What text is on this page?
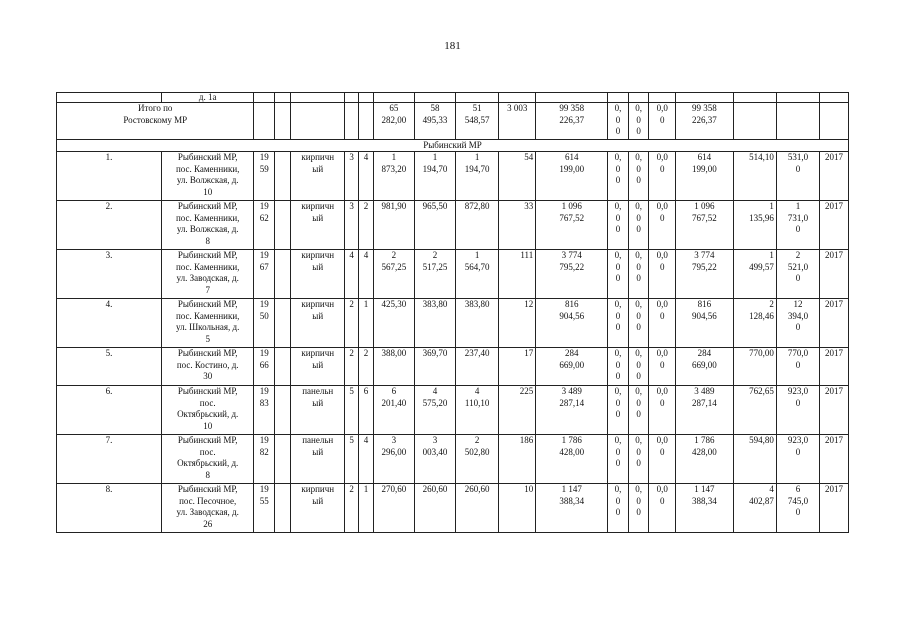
181
	д. 1а																	
Итого по
Ростовскому МР							65
282,00	58
495,33	51
548,57	3 003	99 358
226,37	0,
0
0	0,
0
0	0,0
0	99 358
226,37			
Рыбинский МР																		
1.	Рыбинский МР,
пос. Каменники,
ул. Волжская, д.
10	19
59		кирпичн
ый	3	4	1
873,20	1
194,70	1
194,70	54	614
199,00	0,
0
0	0,
0
0	0,0
0	614
199,00	514,10	531,0
0	2017
2.	Рыбинский МР,
пос. Каменники,
ул. Волжская, д.
8	19
62		кирпичн
ый	3	2	981,90	965,50	872,80	33	1 096
767,52	0,
0
0	0,
0
0	0,0
0	1 096
767,52	1
135,96	1
731,0
0	2017
3.	Рыбинский МР,
пос. Каменники,
ул. Заводская, д.
7	19
67		кирпичн
ый	4	4	2
567,25	2
517,25	1
564,70	111	3 774
795,22	0,
0
0	0,
0
0	0,0
0	3 774
795,22	1
499,57	2
521,0
0	2017
4.	Рыбинский МР,
пос. Каменники,
ул. Школьная, д.
5	19
50		кирпичн
ый	2	1	425,30	383,80	383,80	12	816
904,56	0,
0
0	0,
0
0	0,0
0	816
904,56	2
128,46	12
394,0
0	2017
5.	Рыбинский МР,
пос. Костино, д.
30	19
66		кирпичн
ый	2	2	388,00	369,70	237,40	17	284
669,00	0,
0
0	0,
0
0	0,0
0	284
669,00	770,00	770,0
0	2017
6.	Рыбинский МР,
пос.
Октябрьский, д.
10	19
83		панельн
ый	5	6	6
201,40	4
575,20	4
110,10	225	3 489
287,14	0,
0
0	0,
0
0	0,0
0	3 489
287,14	762,65	923,0
0	2017
7.	Рыбинский МР,
пос.
Октябрьский, д.
8	19
82		панельн
ый	5	4	3
296,00	3
003,40	2
502,80	186	1 786
428,00	0,
0
0	0,
0
0	0,0
0	1 786
428,00	594,80	923,0
0	2017
8.	Рыбинский МР,
пос. Песочное,
ул. Заводская, д.
26	19
55		кирпичн
ый	2	1	270,60	260,60	260,60	10	1 147
388,34	0,
0
0	0,
0
0	0,0
0	1 147
388,34	4
402,87	6
745,0
0	2017
